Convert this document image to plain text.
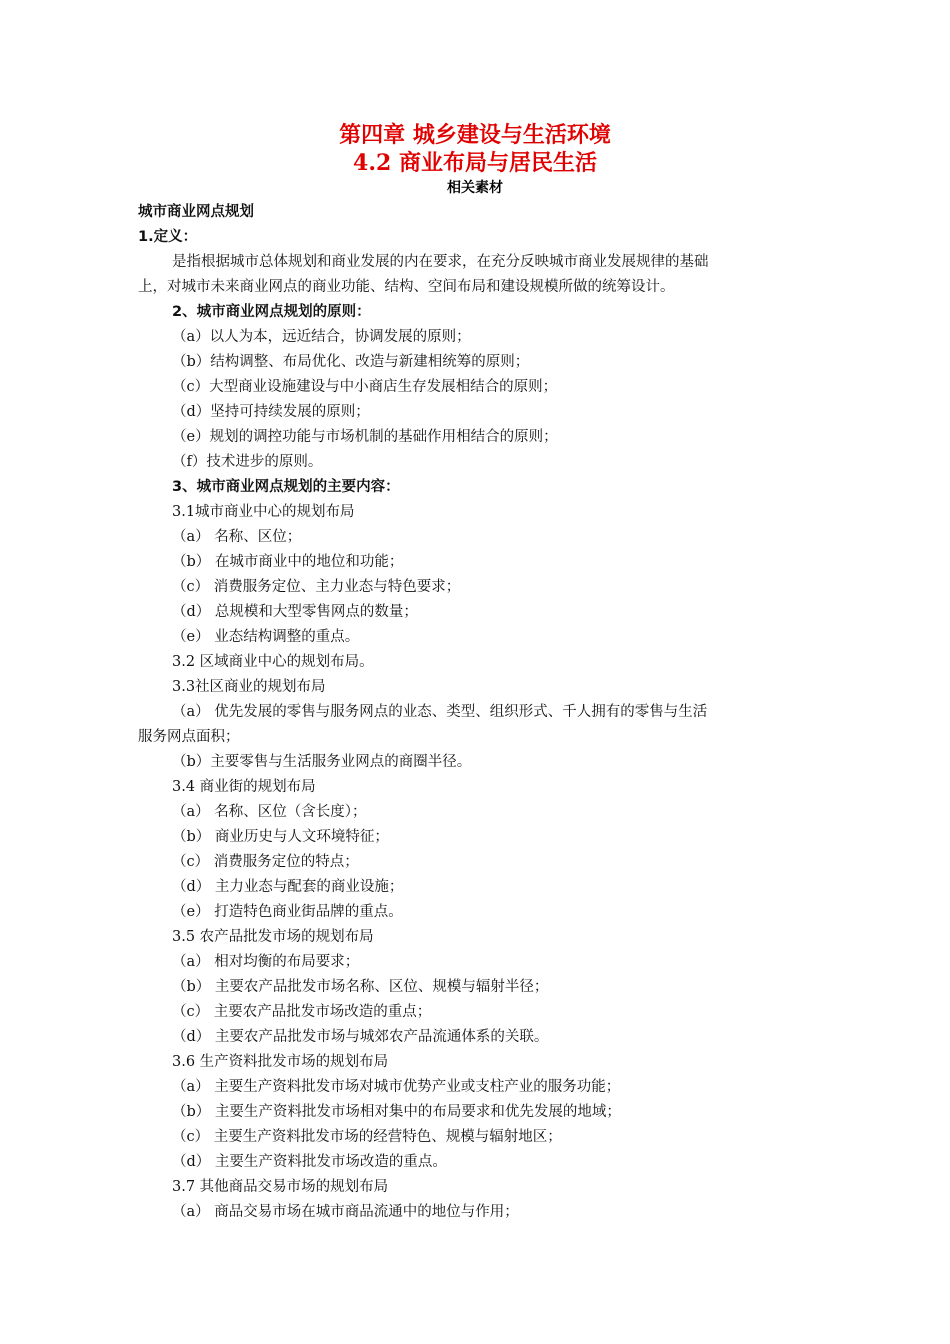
第四章 城乡建设与生活环境
4.2 商业布局与居民生活
相关素材
城市商业网点规划
1.定义：
是指根据城市总体规划和商业发展的内在要求，在充分反映城市商业发展规律的基础
上，对城市未来商业网点的商业功能、结构、空间布局和建设规模所做的统筹设计。
2、城市商业网点规划的原则：
（a）以人为本，远近结合，协调发展的原则；
（b）结构调整、布局优化、改造与新建相统筹的原则；
（c）大型商业设施建设与中小商店生存发展相结合的原则；
（d）坚持可持续发展的原则；
（e）规划的调控功能与市场机制的基础作用相结合的原则；
（f）技术进步的原则。
3、城市商业网点规划的主要内容：
3.1城市商业中心的规划布局
（a） 名称、区位；
（b） 在城市商业中的地位和功能；
（c） 消费服务定位、主力业态与特色要求；
（d） 总规模和大型零售网点的数量；
（e） 业态结构调整的重点。
3.2 区域商业中心的规划布局。
3.3社区商业的规划布局
（a） 优先发展的零售与服务网点的业态、类型、组织形式、千人拥有的零售与生活
服务网点面积；
（b）主要零售与生活服务业网点的商圈半径。
3.4 商业街的规划布局
（a） 名称、区位（含长度）；
（b） 商业历史与人文环境特征；
（c） 消费服务定位的特点；
（d） 主力业态与配套的商业设施；
（e） 打造特色商业街品牌的重点。
3.5 农产品批发市场的规划布局
（a） 相对均衡的布局要求；
（b） 主要农产品批发市场名称、区位、规模与辐射半径；
（c） 主要农产品批发市场改造的重点；
（d） 主要农产品批发市场与城郊农产品流通体系的关联。
3.6 生产资料批发市场的规划布局
（a） 主要生产资料批发市场对城市优势产业或支柱产业的服务功能；
（b） 主要生产资料批发市场相对集中的布局要求和优先发展的地域；
（c） 主要生产资料批发市场的经营特色、规模与辐射地区；
（d） 主要生产资料批发市场改造的重点。
3.7 其他商品交易市场的规划布局
（a） 商品交易市场在城市商品流通中的地位与作用；
